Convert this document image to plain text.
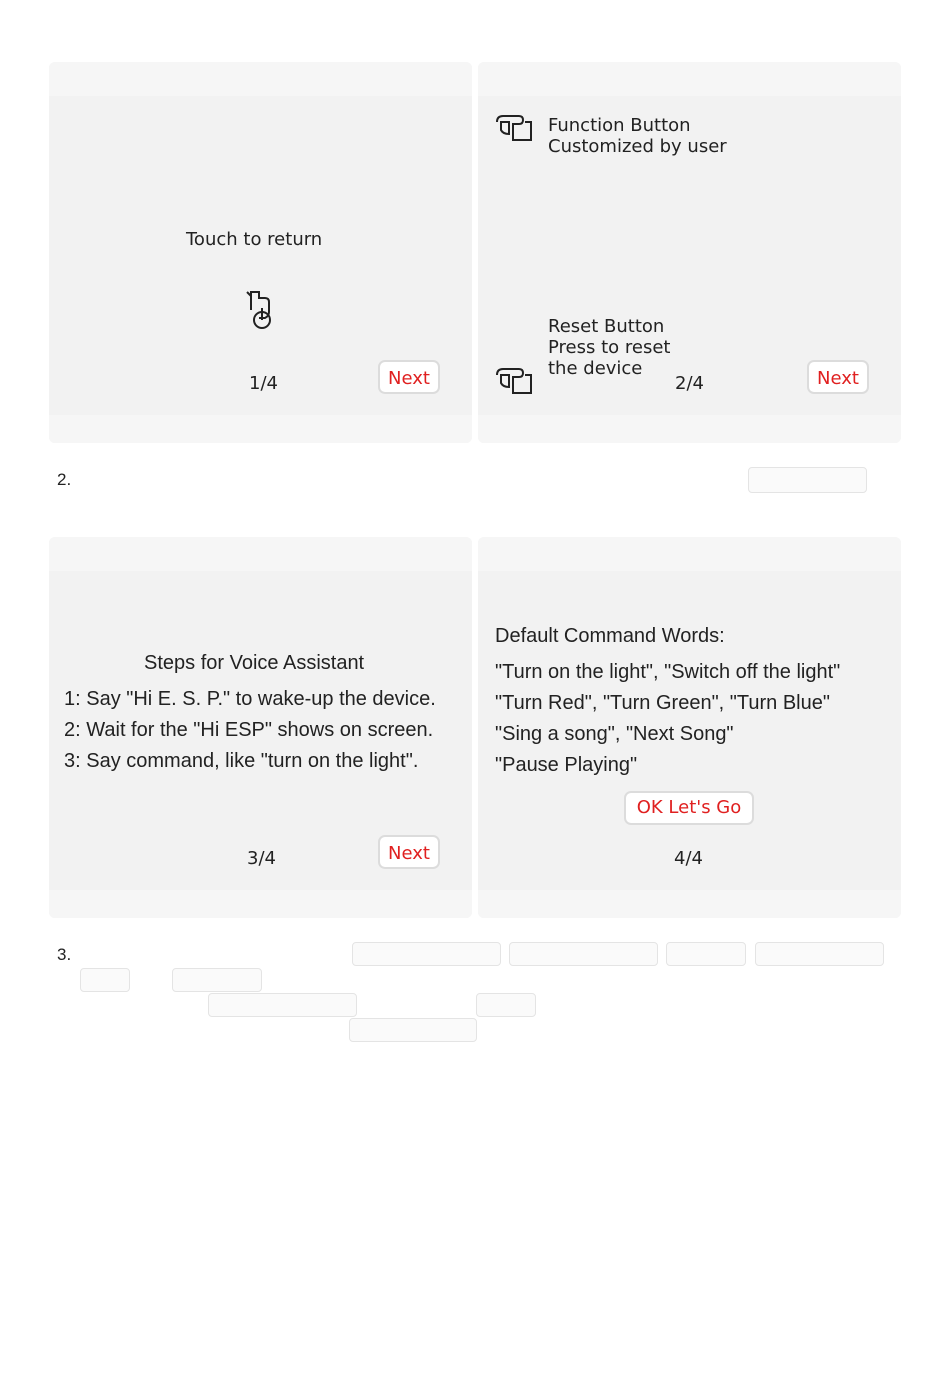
Touch to return
1/4	Next
Function Button
Customized by user
Reset Button
Press to reset
the device
2/4	Next
2.
Steps for Voice Assistant
1: Say "Hi E. S. P." to wake-up the device.
2: Wait for the "Hi ESP" shows on screen.
3: Say command, like "turn on the light".
3/4	Next
Default Command Words:
"Turn on the light", "Switch off the light"
"Turn Red", "Turn Green", "Turn Blue"
"Sing a song", "Next Song"
"Pause Playing"
OK Let's Go
4/4
3.
